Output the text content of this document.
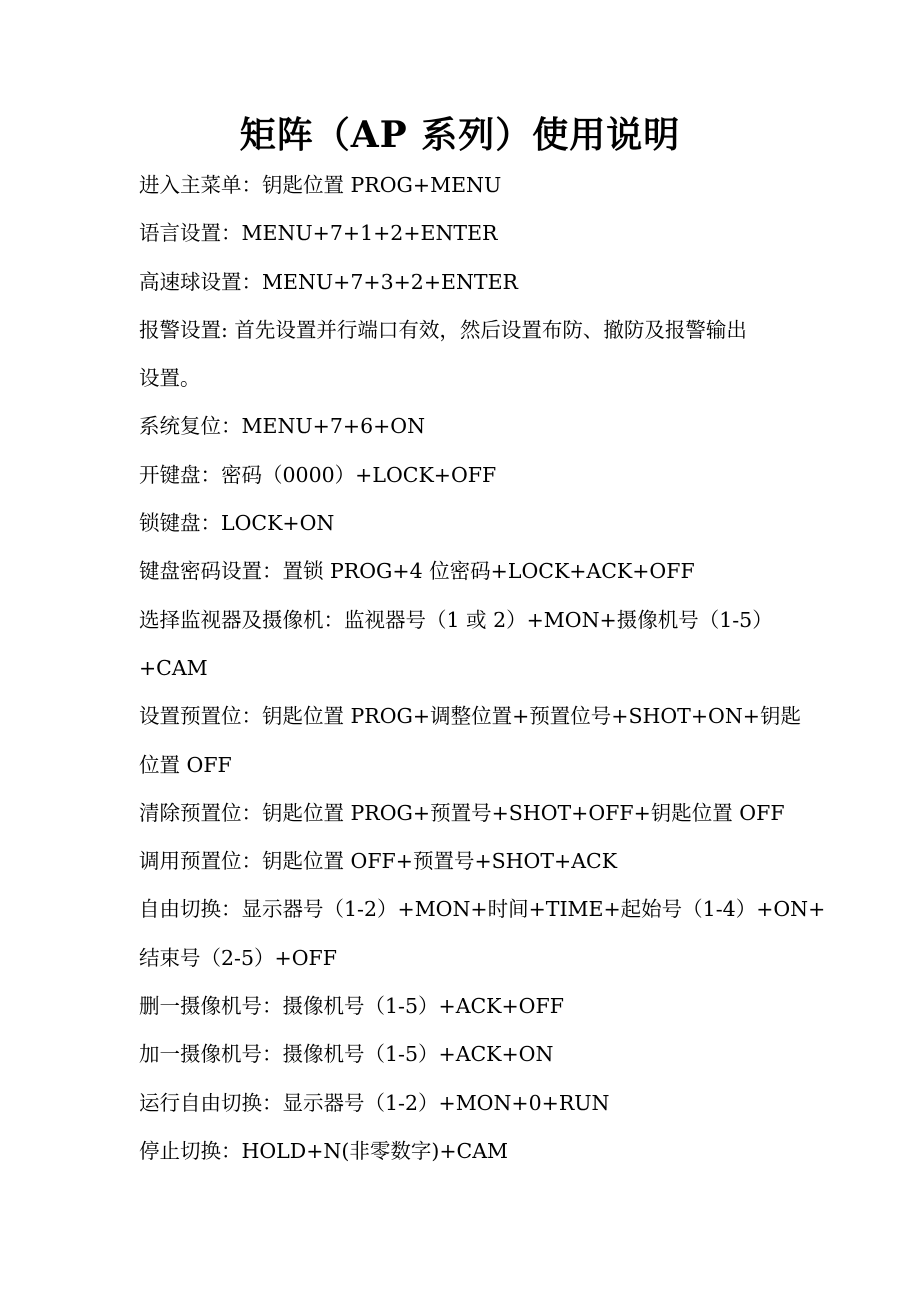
矩阵（AP 系列）使用说明
进入主菜单：钥匙位置 PROG+MENU
语言设置：MENU+7+1+2+ENTER
高速球设置：MENU+7+3+2+ENTER
报警设置: 首先设置并行端口有效，然后设置布防、撤防及报警输出
设置。
系统复位：MENU+7+6+ON
开键盘：密码（0000）+LOCK+OFF
锁键盘：LOCK+ON
键盘密码设置：置锁 PROG+4 位密码+LOCK+ACK+OFF
选择监视器及摄像机：监视器号（1 或 2）+MON+摄像机号（1-5）
+CAM
设置预置位：钥匙位置 PROG+调整位置+预置位号+SHOT+ON+钥匙
位置 OFF
清除预置位：钥匙位置 PROG+预置号+SHOT+OFF+钥匙位置 OFF
调用预置位：钥匙位置 OFF+预置号+SHOT+ACK
自由切换：显示器号（1-2）+MON+时间+TIME+起始号（1-4）+ON+
结束号（2-5）+OFF
删一摄像机号：摄像机号（1-5）+ACK+OFF
加一摄像机号：摄像机号（1-5）+ACK+ON
运行自由切换：显示器号（1-2）+MON+0+RUN
停止切换：HOLD+N(非零数字)+CAM
